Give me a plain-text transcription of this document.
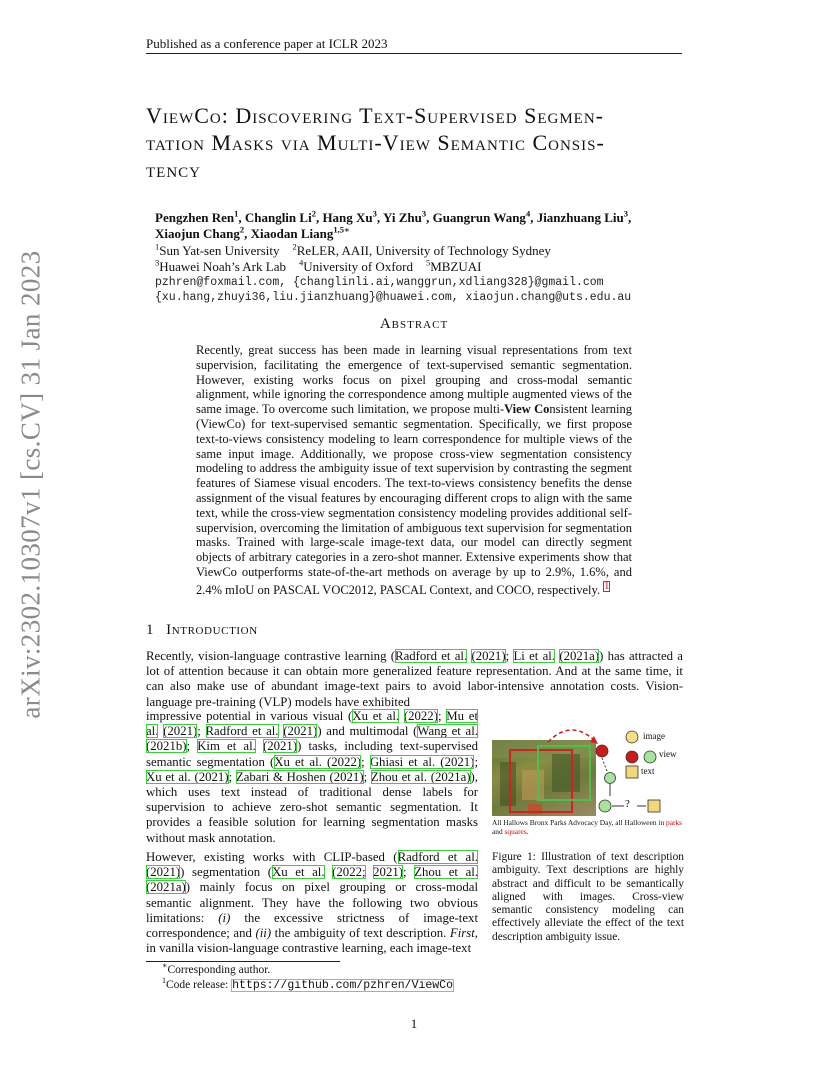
Published as a conference paper at ICLR 2023
arXiv:2302.10307v1 [cs.CV] 31 Jan 2023
ViewCo: Discovering Text-Supervised Segmen-
tation Masks via Multi-View Semantic Consis-
tency
Pengzhen Ren$^1$, Changlin Li$^2$, Hang Xu$^3$, Yi Zhu$^3$, Guangrun Wang$^4$, Jianzhuang Liu$^3$,
Xiaojun Chang$^2$, Xiaodan Liang$^{1,5∗}$
$^1$Sun Yat-sen University $^2$ReLER, AAII, University of Technology Sydney
$^3$Huawei Noah’s Ark Lab $^4$University of Oxford $^5$MBZUAI
pzhren@foxmail.com, {changlinli.ai,wanggrun,xdliang328}@gmail.com
{xu.hang,zhuyi36,liu.jianzhuang}@huawei.com, xiaojun.chang@uts.edu.au
Abstract
Recently, great success has been made in learning visual representations from text supervision, facilitating the emergence of text-supervised semantic segmentation. However, existing works focus on pixel grouping and cross-modal semantic alignment, while ignoring the correspondence among multiple augmented views of the same image. To overcome such limitation, we propose multi-View Consistent learning (ViewCo) for text-supervised semantic segmentation. Specifically, we first propose text-to-views consistency modeling to learn correspondence for multiple views of the same input image. Additionally, we propose cross-view segmentation consistency modeling to address the ambiguity issue of text supervision by contrasting the segment features of Siamese visual encoders. The text-to-views consistency benefits the dense assignment of the visual features by encouraging different crops to align with the same text, while the cross-view segmentation consistency modeling provides additional self-supervision, overcoming the limitation of ambiguous text supervision for segmentation masks. Trained with large-scale image-text data, our model can directly segment objects of arbitrary categories in a zero-shot manner. Extensive experiments show that ViewCo outperforms state-of-the-art methods on average by up to 2.9%, 1.6%, and 2.4% mIoU on PASCAL VOC2012, PASCAL Context, and COCO, respectively. $^1$
1 Introduction
Recently, vision-language contrastive learning (Radford et al. (2021); Li et al. (2021a)) has attracted a lot of attention because it can obtain more generalized feature representation. And at the same time, it can also make use of abundant image-text pairs to avoid labor-intensive annotation costs. Vision-language pre-training (VLP) models have exhibited
impressive potential in various visual (Xu et al. (2022); Mu et al. (2021); Radford et al. (2021)) and multimodal (Wang et al. (2021b); Kim et al. (2021)) tasks, including text-supervised semantic segmentation (Xu et al. (2022); Ghiasi et al. (2021); Xu et al. (2021); Zabari & Hoshen (2021); Zhou et al. (2021a)), which uses text instead of traditional dense labels for supervision to achieve zero-shot semantic segmentation. It provides a feasible solution for learning segmentation masks without mask annotation.
However, existing works with CLIP-based (Radford et al. (2021)) segmentation (Xu et al. (2022; 2021); Zhou et al. (2021a)) mainly focus on pixel grouping or cross-modal semantic alignment. They have the following two obvious limitations: (i) the excessive strictness of image-text correspondence; and (ii) the ambiguity of text description. First, in vanilla vision-language contrastive learning, each image-text
image
view
text
?
All Hallows Bronx Parks Advocacy Day, all Halloween in parks
and squares.
Figure 1: Illustration of text description ambiguity. Text descriptions are highly abstract and difficult to be semantically aligned with images. Cross-view semantic consistency modeling can effectively alleviate the effect of the text description ambiguity issue.
∗Corresponding author.
$^1$Code release: https://github.com/pzhren/ViewCo
1
